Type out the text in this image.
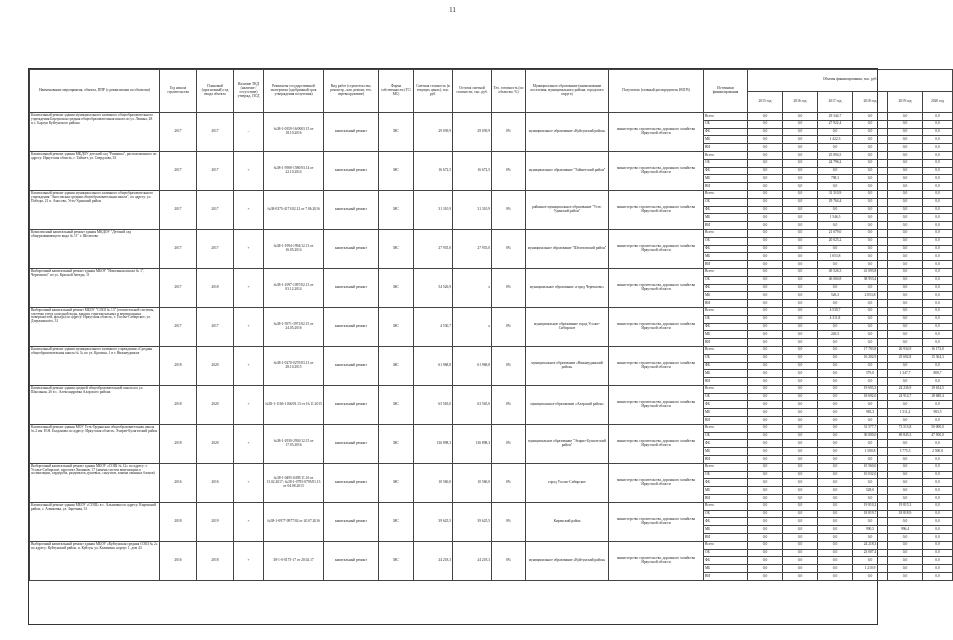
11
Наименование мероприятия, объекта, ППР (с реквизитами по объектам)	Год начала строительства	Плановый (прогнозный) год ввода объекта	Наличие ТКД (наличие /отсутствие) утвержд. ПСД	Реквизиты государственной экспертизы (одобренный срок утверждения получения)	Вид работ (строительство, реконстр., кап. ремонт, тех. перевооружение)	Форма собственности (ГС/МС)	Сметная стоимость (в текущих ценах), тыс. руб.	Остаток сметной стоимости, тыс. руб.	Тех. готовность (по объектам, %)	Муниципальное образование (наименование поселения, муниципального района, городского округа)	Получатель (главный распорядитель ИОГВ)	Источники финансирования	Объемы финансирования, тыс. руб.					
													2015 год	2016 год	2017 год	2018 год	2019 год	2020 год
Капитальный ремонт здания муниципального казенного общеобразовательного учреждения Барлукская средняя общеобразовательная школа по ул. Ленина, 28 п.с. Барлук Куйтунского района	2017	2017	–	№38-1-0359-16/0003 15 от 18.10.2016	капитальный ремонт	МС	29 039,9	29 039,9	0%	муниципальное образование «Куйтунский район»	министерство строительства, дорожного хозяйства Иркутской области	Всего	0,0	0,0	29 344,7	0,0	0,0	0,0
												ОБ	0,0	0,0	27 922,4	0,0	0,0	0,0
												ФБ	0,0	0,0	0,0	0,0	0,0	0,0
												МБ	0,0	0,0	1 422,3	0,0	0,0	0,0
												ВИ	0,0	0,0	0,0	0,0	0,0	0,0
Капитальный ремонт здания МКДОУ детский сад "Ромашка", расположенного по адресу: Иркутская область, г. Тайшет, ул. Свердлова, 33	2017	2017	+	№38-1-5908-1580/03.14 от 22.10.2014	капитальный ремонт	МС	16 672,5	16 672,5	0%	муниципальное образование "Тайшетский район"	министерство строительства, дорожного хозяйства Иркутской области	Всего	0,0	0,0	25 894,5	0,0	0,0	0,0
												ОБ	0,0	0,0	24 796,2	0,0	0,0	0,0
												ФБ	0,0	0,0	0,0	0,0	0,0	0,0
												МБ	0,0	0,0	798,3	0,0	0,0	0,0
												ВИ	0,0	0,0	0,0	0,0	0,0	0,0
Капитальный ремонт здания муниципального казенного общеобразовательного учреждения "Аносовская средняя общеобразовательная школа", по адресу: ул. Победы, 21 п. Аносово, Усть-Удинский район	2017	2017	+	№38-0375-4171/02.12 от 7.06.2016	капитальный ремонт	МС	31 310,9	31 310,9	0%	районное муниципальное образование "Усть-Удинский район"	министерство строительства, дорожного хозяйства Иркутской области	Всего	0,0	0,0	31 310,9	0,0	0,0	0,0
												ОБ	0,0	0,0	29 764,4	0,0	0,0	0,0
												ФБ	0,0	0,0	0,0	0,0	0,0	0,0
												МБ	0,0	0,0	1 546,5	0,0	0,0	0,0
												ВИ	0,0	0,0	0,0	0,0	0,0	0,0
Комплексный капитальный ремонт здания МКДОУ "Детский сад общеразвивающего вида № 11" г. Шелехово	2017	2017	+	№38-1-1994-1994/12.13 от 16.05.2014	капитальный ремонт	МС	27 935,0	27 935,0	0%	муниципальное образование "Шелеховский район"	министерство строительства, дорожного хозяйства Иркутской области	Всего	0,0	0,0	21 679,0	0,0	0,0	0,0
												ОБ	0,0	0,0	20 025,2	0,0	0,0	0,0
												ФБ	0,0	0,0	0,0	0,0	0,0	0,0
												МБ	0,0	0,0	1 653,8	0,0	0,0	0,0
												ВИ	0,0	0,0	0,0	0,0	0,0	0,0
Выборочный капитальный ремонт здания МБОУ "Начальная школа № 1", Черемхово" по ул. Красной Звезды, 11	2017	2018	+	№38-1-1097-1097/02.13 от 03.12.2014	капитальный ремонт	МС	54 526,9	х	0%	муниципальное образование «город Черемхово»	министерство строительства, дорожного хозяйства Иркутской области	Всего	0,0	0,0	49 526,3	41 093,8	0,0	0,0
												ОБ	0,0	0,0	46 060,8	38 953,4	0,0	0,0
												ФБ	0,0	0,0	0,0	0,0	0,0	0,0
												МБ	0,0	0,0	526,3	2 053,8	0,0	0,0
												ВИ	0,0	0,0	0,0	0,0	0,0	0,0
Выборочный капитальный ремонт МБОУ "СОШ № 13" (отопительной системы, системы учета холодной воды, крыши, горизонтальных и вертикальных поверхностей, фасада) по адресу: Иркутская область, г. Усолье-Сибирское, ул. Дзержинского, 31	2017	2017	+	№38-1-3971-3971/02.15 от 24.05.2016	капитальный ремонт	МС	4 530,7	х	0%	муниципальное образование город Усолье-Сибирское	министерство строительства, дорожного хозяйства Иркутской области	Всего	0,0	0,0	4 530,7	0,0	0,0	0,0
												ОБ	0,0	0,0	4 311,8	0,0	0,0	0,0
												ФБ	0,0	0,0	0,0	0,0	0,0	0,0
												МБ	0,0	0,0	226,5	0,0	0,0	0,0
												ВИ	0,0	0,0	0,0	0,0	0,0	0,0
Капитальный ремонт здания муниципального казенного учреждения «Средняя общеобразовательная школа № 3» по ул. Красина, 1 в г. Нижнеудинске	2018	2020	+	№38-1-0270-0270/03.13 от 28.10.2015	капитальный ремонт	МС	61 968,8	61 968,8	0%	муниципальное образование «Нижнеудинский район»	министерство строительства, дорожного хозяйства Иркутской области	Всего	0,0	0,0	0,0	17 783,8	26 934,9	16 173,0
												ОБ	0,0	0,0	0,0	16 202,9	25 692,8	15 364,3
												ФБ	0,0	0,0	0,0	0,0	0,0	0,0
												МБ	0,0	0,0	0,0	579,0	1 347,7	808,7
												ВИ	0,0	0,0	0,0	0,0	0,0	0,0
Капитальный ремонт здания средней общеобразовательной школы по ул. Школьная, 26 в с. Александровка Аларского района	2018	2020	+	№38-1-1166-1166/03.13 от 16.11.2015	капитальный ремонт	МС	63 565,0	63 565,0	0%	муниципальное образование «Аларский район»	министерство строительства, дорожного хозяйства Иркутской области	Всего	0,0	0,0	0,0	19 693,3	24 236,9	19 634,5
												ОБ	0,0	0,0	0,0	18 692,0	24 914,7	18 680,4
												ФБ	0,0	0,0	0,0	0,0	0,0	0,0
												МБ	0,0	0,0	0,0	983,3	1 511,2	983,5
												ВИ	0,0	0,0	0,0	0,0	0,0	0,0
Капитальный ремонт здания МОУ Усть-Ордынская общеобразовательная школа № 2 им. Н.Н. Балданова по адресу: Иркутская область, Эхирит-Булагатский район	2018	2020	+	№38-1-2930-2930/12.15 от 17.05.2016	капитальный ремонт	МС	136 898,3	136 898,3	0%	муниципальное образование "Эхирит-Булагатский район"	министерство строительства, дорожного хозяйства Иркутской области	Всего	0,0	0,0	0,0	31 577,7	73 515,8	50 000,0
												ОБ	0,0	0,0	0,0	30 000,0	69 845,3	47 500,0
												ФБ	0,0	0,0	0,0	0,0	0,0	0,0
												МБ	0,0	0,0	0,0	1 500,8	3 775,5	2 500,0
												ВИ	0,0	0,0	0,0	0,0	0,0	0,0
Выборочный капитальный ремонт здания МБОУ «СОШ № 12» по адресу: г. Усолье-Сибирское, проспект Химиков, 17 (замена систем вентиляции и ассенизации, гардероба, раздевалок душевых, санузлов, замена оконных блоков)	2016	2016	+	№38-1-0495-0495/11.16 от 13.02.2017; №38-1-0795-0795/01.13 от 04.08.2013	капитальный ремонт	МС	10 560,0	10 560,0	0%	город Усолье-Сибирское	министерство строительства, дорожного хозяйства Иркутской области	Всего	0,0	0,0	0,0	10 560,0	0,0	0,0
												ОБ	0,0	0,0	0,0	10 032,0	0,0	0,0
												ФБ	0,0	0,0	0,0	0,0	0,0	0,0
												МБ	0,0	0,0	0,0	528,0	0,0	0,0
												ВИ	0,0	0,0	0,0	0,0	0,0	0,0
Капитальный ремонт здания МБОУ «СОШ» в с. Алымовка по адресу: Киренский район, с. Алымовка, ул. Заречная, 31	2018	2019	+	№38-1-0977-0977/02 от 20.07.2016	капитальный ремонт	МС	39 625,5	39 625,5	0%	Киренский район	министерство строительства, дорожного хозяйства Иркутской области	Всего	0,0	0,0	0,0	19 810,2	19 815,3	0,0
												ОБ	0,0	0,0	0,0	18 819,7	18 818,9	0,0
												ФБ	0,0	0,0	0,0	0,0	0,0	0,0
												МБ	0,0	0,0	0,0	990,5	996,4	0,0
												ВИ	0,0	0,0	0,0	0,0	0,0	0,0
Выборочный капитальный ремонт здания МБОУ «Куйтунская средняя СОШ № 2» по адресу: Куйтунский район, п. Куйтун, ул. Калинина, корпус 1, дом 43	2016	2018	+	38-1-0-0175-17 от 20.02.17	капитальный ремонт	МС	24 218,3	24 218,3	0%	муниципальное образование «Куйтунский район»	министерство строительства, дорожного хозяйства Иркутской области	Всего	0,0	0,0	0,0	24 218,3	0,0	0,0
												ОБ	0,0	0,0	0,0	23 007,4	0,0	0,0
												ФБ	0,0	0,0	0,0	0,0	0,0	0,0
												МБ	0,0	0,0	0,0	1 210,9	0,0	0,0
												ВИ	0,0	0,0	0,0	0,0	0,0	0,0
